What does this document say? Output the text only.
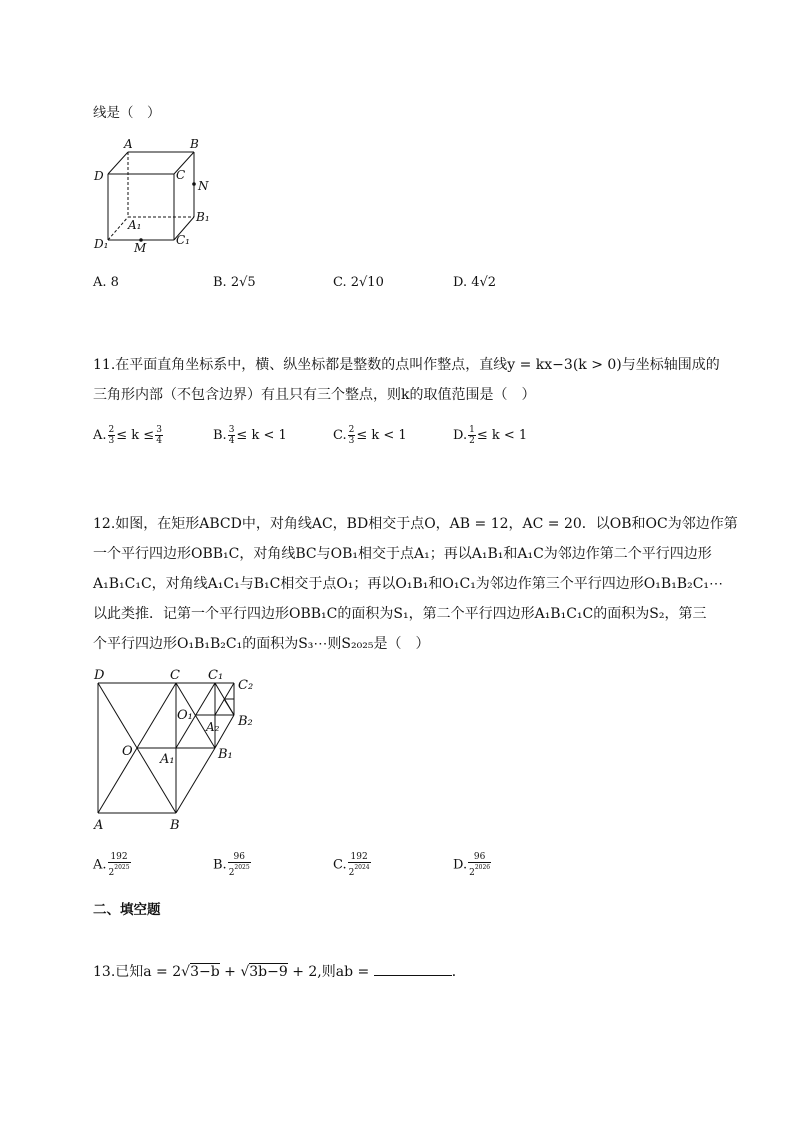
线是（　）
A	B
C
D
N
B₁
A₁
D₁ M
C₁
A. 8	B. 2√5	C. 2√10	D. 4√2
11.在平面直角坐标系中，横、纵坐标都是整数的点叫作整点，直线y = kx−3(k > 0)与坐标轴围成的
三角形内部（不包含边界）有且只有三个整点，则k的取值范围是（　）
A. $\frac{2}{3} \le k \le \frac{3}{4}$	B. $\frac{3}{4} \le k < 1$	C. $\frac{2}{3} \le k < 1$	D. $\frac{1}{2} \le k < 1$
12.如图，在矩形ABCD中，对角线AC，BD相交于点O，AB = 12，AC = 20．以OB和OC为邻边作第
一个平行四边形OBB₁C，对角线BC与OB₁相交于点A₁；再以A₁B₁和A₁C为邻边作第二个平行四边形
A₁B₁C₁C，对角线A₁C₁与B₁C相交于点O₁；再以O₁B₁和O₁C₁为邻边作第三个平行四边形O₁B₁B₂C₁⋯
以此类推．记第一个平行四边形OBB₁C的面积为S₁，第二个平行四边形A₁B₁C₁C的面积为S₂，第三
个平行四边形O₁B₁B₂C₁的面积为S₃⋯则S₂₀₂₅是（　）
D	C C₁
C₂
O₁	B₂
A₂
O
A₁	B₁
A	B
A. $\frac{192}{2^{2025}}$	B. $\frac{96}{2^{2025}}$	C. $\frac{192}{2^{2024}}$	D. $\frac{96}{2^{2026}}$
二、填空题
13.已知a = 2√3−b + √3b−9 + 2,则ab =	．
